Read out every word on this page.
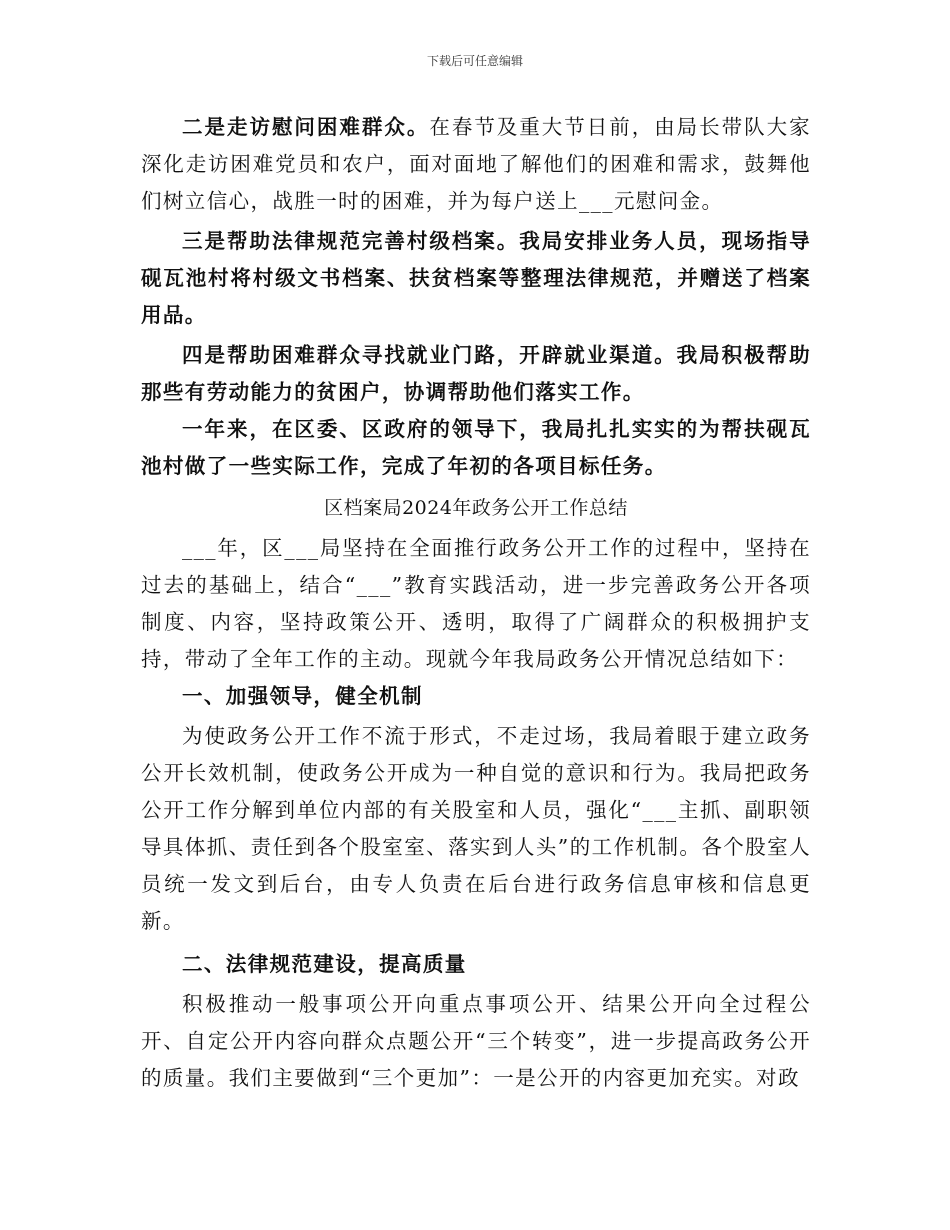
下载后可任意编辑

二是走访慰问困难群众。在春节及重大节日前，由局长带队大家深化走访困难党员和农户，面对面地了解他们的困难和需求，鼓舞他们树立信心，战胜一时的困难，并为每户送上___元慰问金。

三是帮助法律规范完善村级档案。我局安排业务人员，现场指导砚瓦池村将村级文书档案、扶贫档案等整理法律规范，并赠送了档案用品。

四是帮助困难群众寻找就业门路，开辟就业渠道。我局积极帮助那些有劳动能力的贫困户，协调帮助他们落实工作。

一年来，在区委、区政府的领导下，我局扎扎实实的为帮扶砚瓦池村做了一些实际工作，完成了年初的各项目标任务。

区档案局2024年政务公开工作总结

___年，区___局坚持在全面推行政务公开工作的过程中，坚持在过去的基础上，结合“___”教育实践活动，进一步完善政务公开各项制度、内容，坚持政策公开、透明，取得了广阔群众的积极拥护支持，带动了全年工作的主动。现就今年我局政务公开情况总结如下：

一、加强领导，健全机制

为使政务公开工作不流于形式，不走过场，我局着眼于建立政务公开长效机制，使政务公开成为一种自觉的意识和行为。我局把政务公开工作分解到单位内部的有关股室和人员，强化“___主抓、副职领导具体抓、责任到各个股室室、落实到人头”的工作机制。各个股室人员统一发文到后台，由专人负责在后台进行政务信息审核和信息更新。

二、法律规范建设，提高质量

积极推动一般事项公开向重点事项公开、结果公开向全过程公开、自定公开内容向群众点题公开“三个转变”，进一步提高政务公开的质量。我们主要做到“三个更加”：一是公开的内容更加充实。对政
